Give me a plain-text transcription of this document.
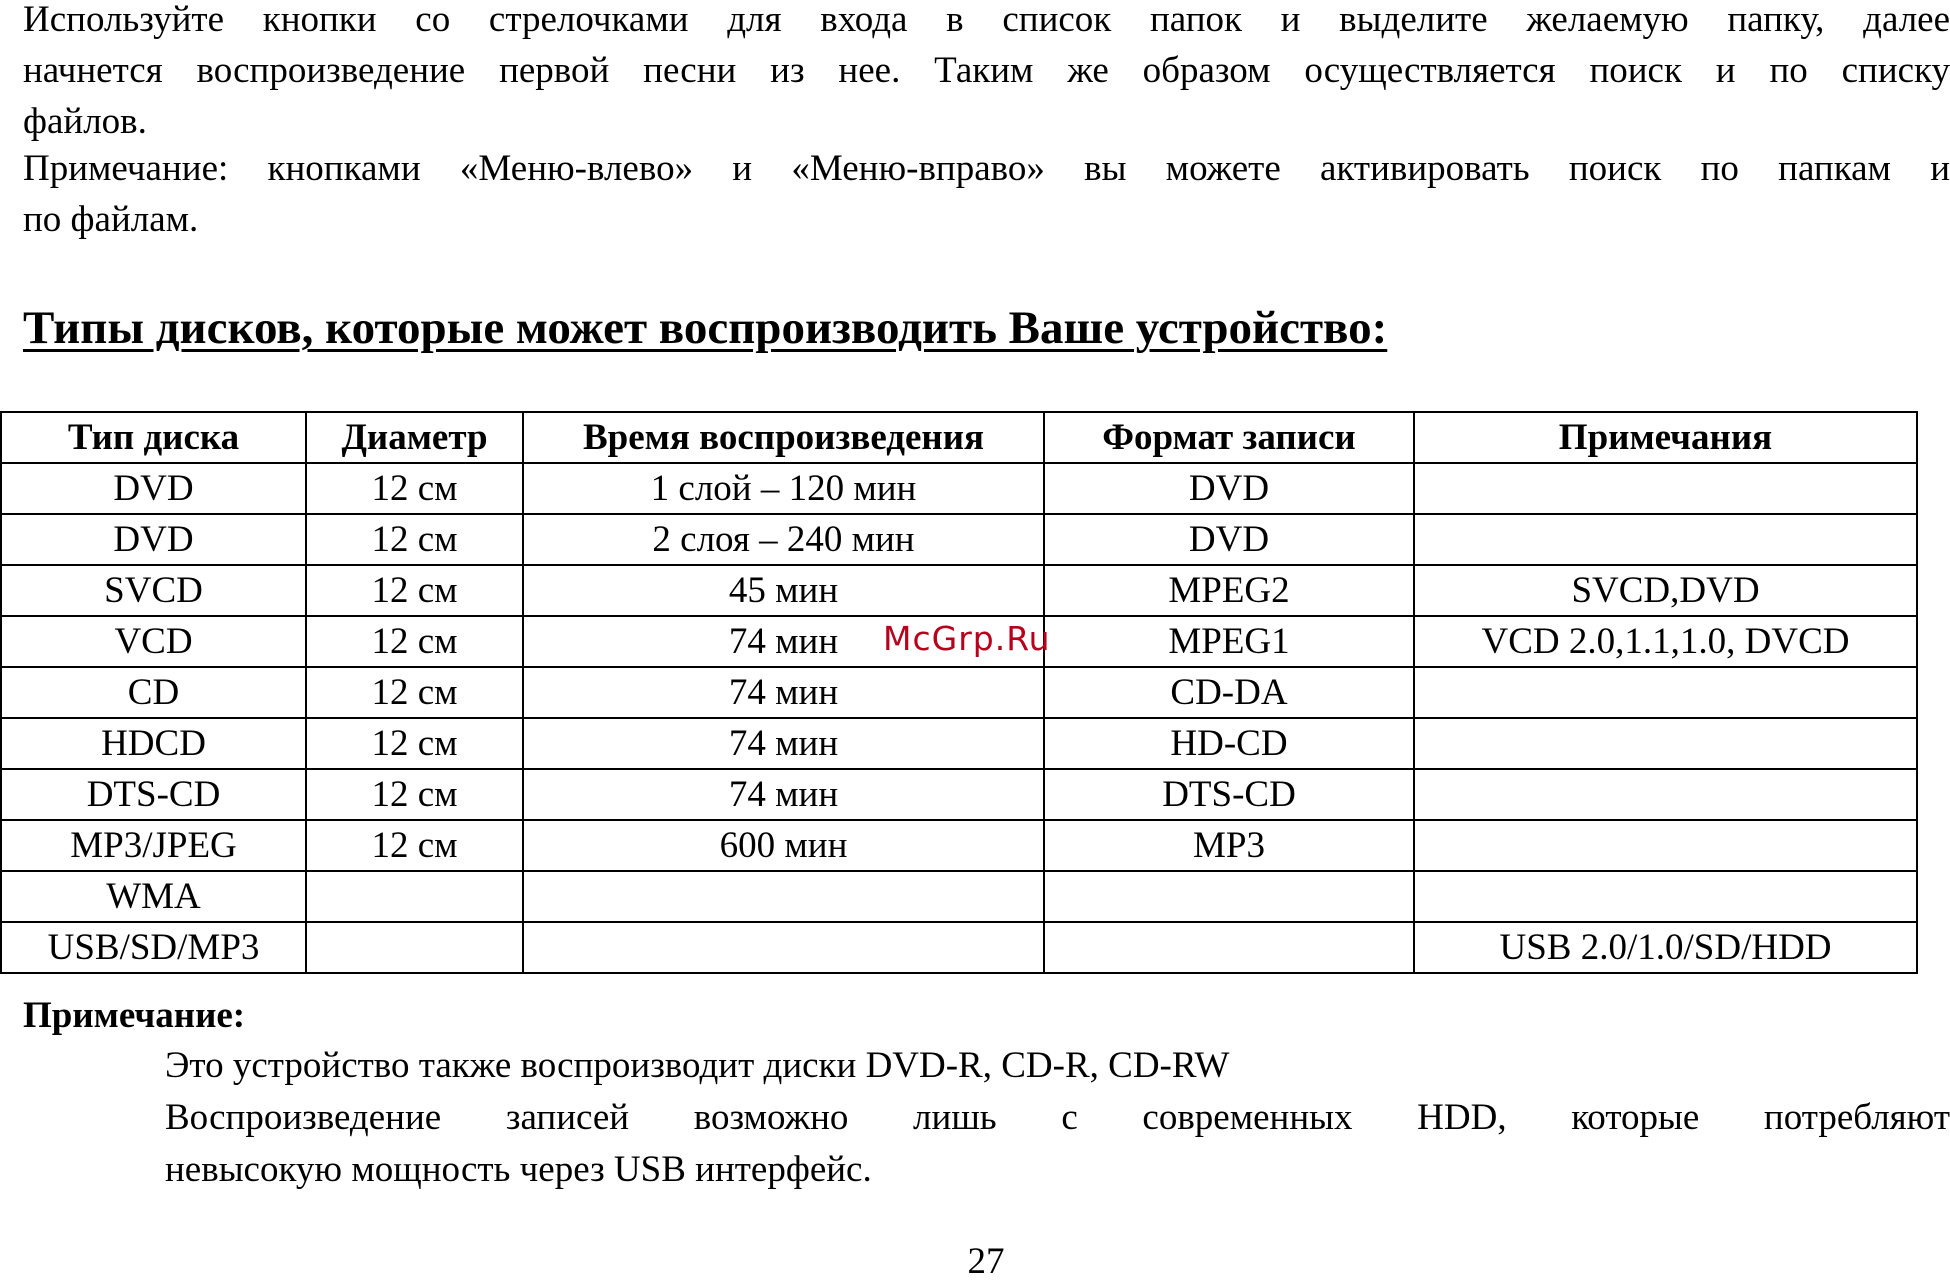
Используйте кнопки со стрелочками для входа в список папок и выделите желаемую папку, далее
начнется воспроизведение первой песни из нее. Таким же образом осуществляется поиск и по списку
файлов.
Примечание: кнопками «Меню-влево» и «Меню-вправо» вы можете активировать поиск по папкам и
по файлам.
Типы дисков, которые может воспроизводить Ваше устройство:
Тип диска	Диаметр	Время воспроизведения	Формат записи	Примечания
DVD	12 см	1 слой – 120 мин	DVD	
DVD	12 см	2 слоя – 240 мин	DVD	
SVCD	12 см	45 мин	MPEG2	SVCD,DVD
VCD	12 см	74 мин	MPEG1	VCD 2.0,1.1,1.0, DVCD
CD	12 см	74 мин	CD-DA	
HDCD	12 см	74 мин	HD-CD	
DTS-CD	12 см	74 мин	DTS-CD	
MP3/JPEG	12 см	600 мин	MP3	
WMA				
USB/SD/MP3				USB 2.0/1.0/SD/HDD
Примечание:
Это устройство также воспроизводит диски DVD-R, CD-R, CD-RW
Воспроизведение записей возможно лишь с современных HDD, которые потребляют
невысокую мощность через USB интерфейс.
McGrp.Ru
27
